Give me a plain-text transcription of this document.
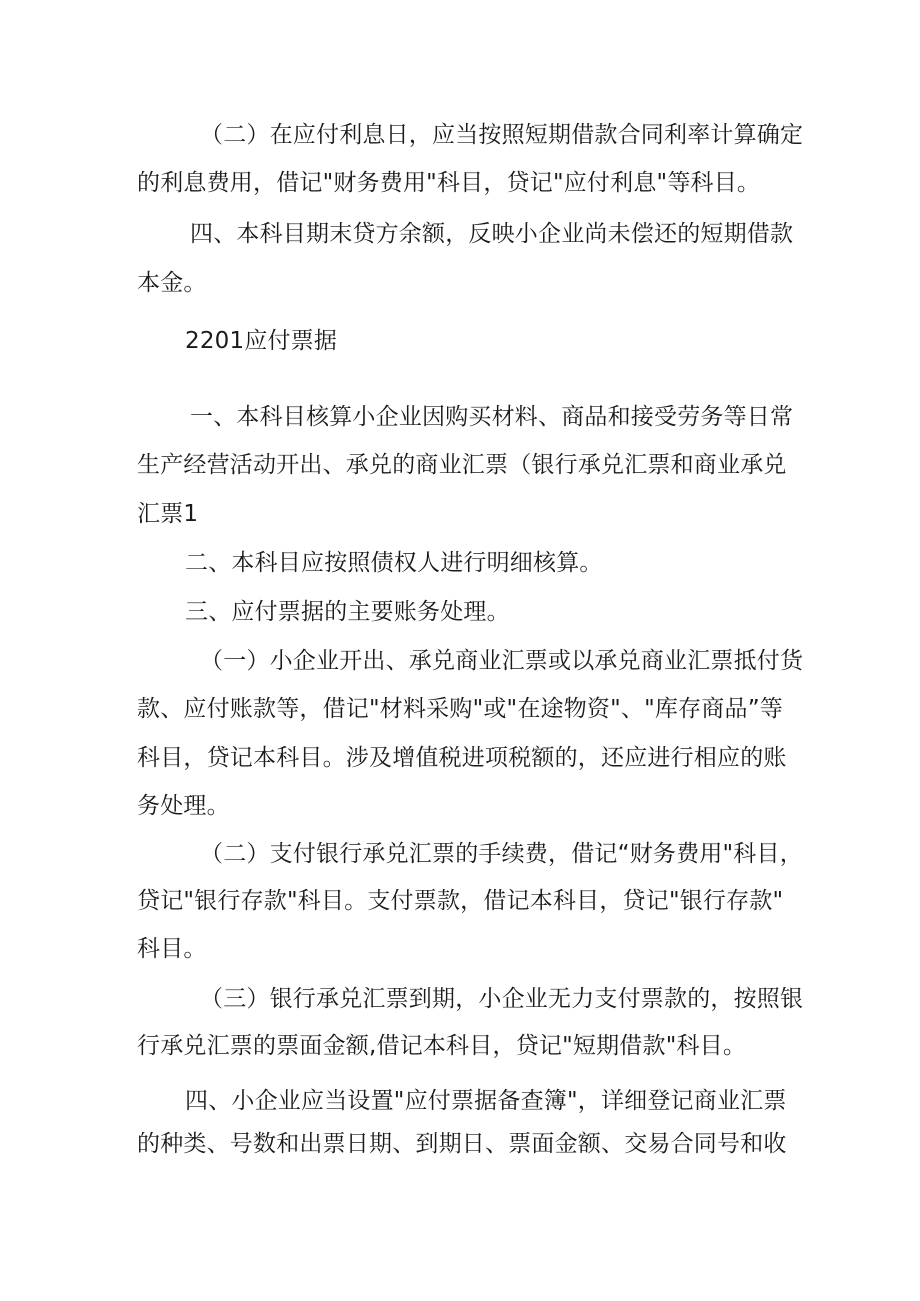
（二）在应付利息日，应当按照短期借款合同利率计算确定

的利息费用，借记"财务费用"科目，贷记"应付利息"等科目。

四、本科目期末贷方余额，反映小企业尚未偿还的短期借款

本金。

2201应付票据

一、本科目核算小企业因购买材料、商品和接受劳务等日常

生产经营活动开出、承兑的商业汇票（银行承兑汇票和商业承兑

汇票1

二、本科目应按照债权人进行明细核算。

三、应付票据的主要账务处理。

（一）小企业开出、承兑商业汇票或以承兑商业汇票抵付货

款、应付账款等，借记"材料采购"或"在途物资"、"库存商品”等

科目，贷记本科目。涉及增值税进项税额的，还应进行相应的账

务处理。

（二）支付银行承兑汇票的手续费，借记“财务费用"科目，

贷记"银行存款"科目。支付票款，借记本科目，贷记"银行存款"

科目。

（三）银行承兑汇票到期，小企业无力支付票款的，按照银

行承兑汇票的票面金额,借记本科目，贷记"短期借款"科目。

四、小企业应当设置"应付票据备查簿"，详细登记商业汇票

的种类、号数和出票日期、到期日、票面金额、交易合同号和收
